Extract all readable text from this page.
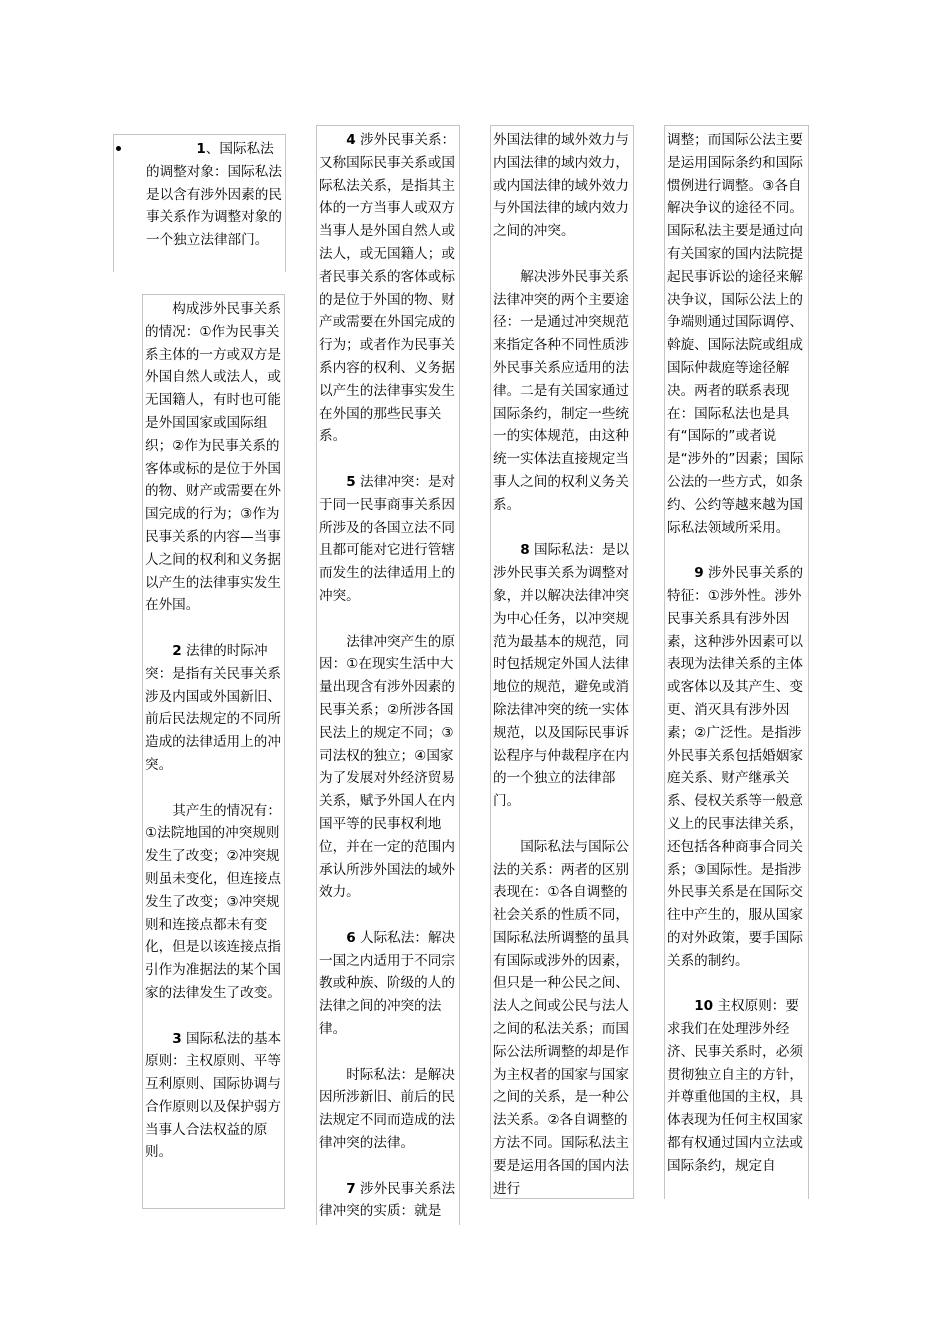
1、国际私法的调整对象：国际私法是以含有涉外因素的民事关系作为调整对象的一个独立法律部门。

构成涉外民事关系的情况：①作为民事关系主体的一方或双方是外国自然人或法人，或无国籍人，有时也可能是外国国家或国际组织；②作为民事关系的客体或标的是位于外国的物、财产或需要在外国完成的行为；③作为民事关系的内容—当事人之间的权利和义务据以产生的法律事实发生在外国。

2 法律的时际冲突：是指有关民事关系涉及内国或外国新旧、前后民法规定的不同所造成的法律适用上的冲突。

其产生的情况有：①法院地国的冲突规则发生了改变；②冲突规则虽未变化，但连接点发生了改变；③冲突规则和连接点都未有变化，但是以该连接点指引作为准据法的某个国家的法律发生了改变。

3 国际私法的基本原则：主权原则、平等互利原则、国际协调与合作原则以及保护弱方当事人合法权益的原则。

4 涉外民事关系：又称国际民事关系或国际私法关系，是指其主体的一方当事人或双方当事人是外国自然人或法人，或无国籍人；或者民事关系的客体或标的是位于外国的物、财产或需要在外国完成的行为；或者作为民事关系内容的权利、义务据以产生的法律事实发生在外国的那些民事关系。

5 法律冲突：是对于同一民事商事关系因所涉及的各国立法不同且都可能对它进行管辖而发生的法律适用上的冲突。

法律冲突产生的原因：①在现实生活中大量出现含有涉外因素的民事关系；②所涉各国民法上的规定不同；③司法权的独立；④国家为了发展对外经济贸易关系，赋予外国人在内国平等的民事权利地位，并在一定的范围内承认所涉外国法的域外效力。

6 人际私法：解决一国之内适用于不同宗教或种族、阶级的人的法律之间的冲突的法律。

时际私法：是解决因所涉新旧、前后的民法规定不同而造成的法律冲突的法律。

7 涉外民事关系法律冲突的实质：就是

外国法律的域外效力与内国法律的域内效力，或内国法律的域外效力与外国法律的域内效力之间的冲突。

解决涉外民事关系法律冲突的两个主要途径：一是通过冲突规范来指定各种不同性质涉外民事关系应适用的法律。二是有关国家通过国际条约，制定一些统一的实体规范，由这种统一实体法直接规定当事人之间的权利义务关系。

8 国际私法：是以涉外民事关系为调整对象，并以解决法律冲突为中心任务，以冲突规范为最基本的规范，同时包括规定外国人法律地位的规范，避免或消除法律冲突的统一实体规范，以及国际民事诉讼程序与仲裁程序在内的一个独立的法律部门。

国际私法与国际公法的关系：两者的区别表现在：①各自调整的社会关系的性质不同，国际私法所调整的虽具有国际或涉外的因素，但只是一种公民之间、法人之间或公民与法人之间的私法关系；而国际公法所调整的却是作为主权者的国家与国家之间的关系，是一种公法关系。②各自调整的方法不同。国际私法主要是运用各国的国内法进行

调整；而国际公法主要是运用国际条约和国际惯例进行调整。③各自解决争议的途径不同。国际私法主要是通过向有关国家的国内法院提起民事诉讼的途径来解决争议，国际公法上的争端则通过国际调停、斡旋、国际法院或组成国际仲裁庭等途径解决。两者的联系表现在：国际私法也是具有“国际的”或者说是“涉外的”因素；国际公法的一些方式，如条约、公约等越来越为国际私法领域所采用。

9 涉外民事关系的特征：①涉外性。涉外民事关系具有涉外因素，这种涉外因素可以表现为法律关系的主体或客体以及其产生、变更、消灭具有涉外因素；②广泛性。是指涉外民事关系包括婚姻家庭关系、财产继承关系、侵权关系等一般意义上的民事法律关系，还包括各种商事合同关系；③国际性。是指涉外民事关系是在国际交往中产生的，服从国家的对外政策，要手国际关系的制约。

10 主权原则：要求我们在处理涉外经济、民事关系时，必须贯彻独立自主的方针，并尊重他国的主权，具体表现为任何主权国家都有权通过国内立法或国际条约，规定自
